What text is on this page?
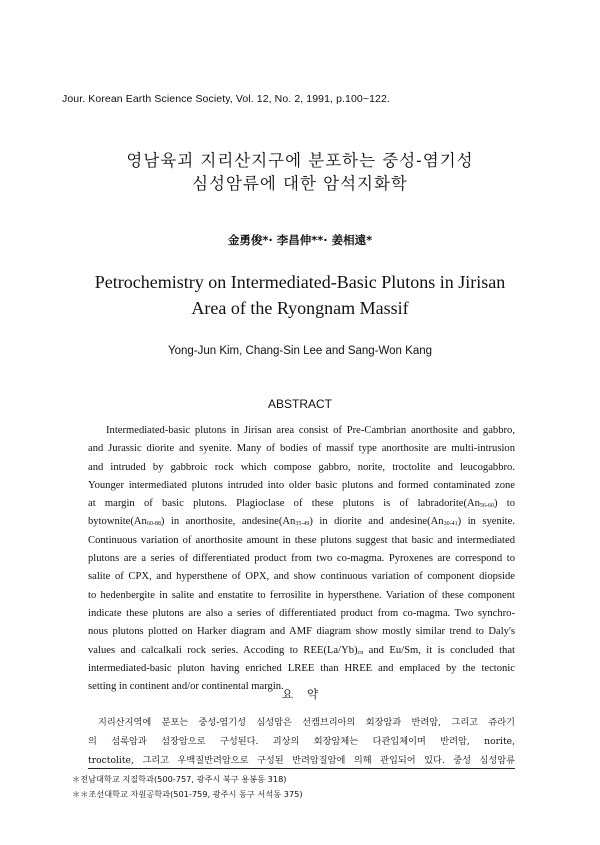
Jour. Korean Earth Science Society, Vol. 12, No. 2, 1991, p.100~122.
영남육괴 지리산지구에 분포하는 중성-염기성
심성암류에 대한 암석지화학
金勇俊*· 李昌伸**· 姜相遠*
Petrochemistry on Intermediated-Basic Plutons in Jirisan
Area of the Ryongnam Massif
Yong-Jun Kim, Chang-Sin Lee and Sang-Won Kang
ABSTRACT
Intermediated-basic plutons in Jirisan area consist of Pre-Cambrian anorthosite and gabbro,
and Jurassic diorite and syenite. Many of bodies of massif type anorthosite are multi-intrusion
and intruded by gabbroic rock which compose gabbro, norite, troctolite and leucogabbro.
Younger intermediated plutons intruded into older basic plutons and formed contaminated zone
at margin of basic plutons. Plagioclase of these plutons is of labradorite(An56-60) to
bytownite(An60-88) in anorthosite, andesine(An35-49) in diorite and andesine(An30-41) in syenite.
Continuous variation of anorthosite amount in these plutons suggest that basic and intermediated
plutons are a series of differentiated product from two co-magma. Pyroxenes are correspond to
salite of CPX, and hypersthene of OPX, and show continuous variation of component diopside
to hedenbergite in salite and enstatite to ferrosilite in hypersthene. Variation of these component
indicate these plutons are also a series of differentiated product from co-magma. Two synchro-
nous plutons plotted on Harker diagram and AMF diagram show mostly similar trend to Daly's
values and calcalkali rock series. Accoding to REE(La/Yb)cn and Eu/Sm, it is concluded that
intermediated-basic pluton having enriched LREE than HREE and emplaced by the tectonic
setting in continent and/or continental margin.
요약
지리산지역에 분포는 중성-염기성 심성암은 선캠브리아의 회장암과 반려암, 그리고 쥬라기
의 섬록암과 섬장암으로 구성된다. 괴상의 회장암체는 다관입체이며 반려암, norite,
troctolite, 그리고 우백질반려암으로 구성된 반려암질암에 의해 관입되어 있다. 중성 심성암류
＊전남대학교 지질학과(500-757, 광주시 북구 용봉동 318)
＊＊조선대학교 자원공학과(501-759, 광주시 동구 서석동 375)
